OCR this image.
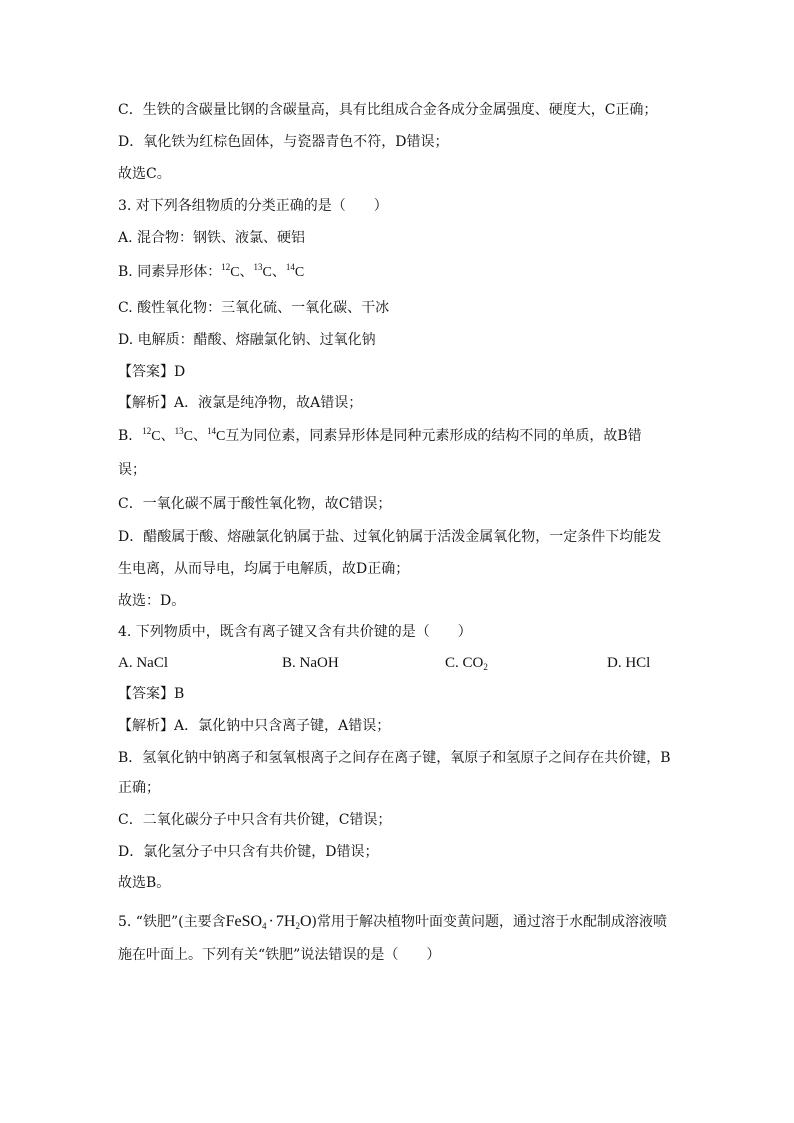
C．生铁的含碳量比钢的含碳量高，具有比组成合金各成分金属强度、硬度大，C正确；
D．氧化铁为红棕色固体，与瓷器青色不符，D错误；
故选C。
3. 对下列各组物质的分类正确的是（　　）
A. 混合物：钢铁、液氯、硬铝
B. 同素异形体：$^{12}$C、$^{13}$C、$^{14}$C
C. 酸性氧化物：三氧化硫、一氧化碳、干冰
D. 电解质：醋酸、熔融氯化钠、过氧化钠
【答案】D
【解析】A．液氯是纯净物，故A错误；
B．$^{12}$C、$^{13}$C、$^{14}$C互为同位素，同素异形体是同种元素形成的结构不同的单质，故B错
误；
C．一氧化碳不属于酸性氧化物，故C错误；
D．醋酸属于酸、熔融氯化钠属于盐、过氧化钠属于活泼金属氧化物，一定条件下均能发
生电离，从而导电，均属于电解质，故D正确；
故选：D。
4. 下列物质中，既含有离子键又含有共价键的是（　　）
A. NaCl	B. NaOH	C. $CO_2$	D. HCl
【答案】B
【解析】A．氯化钠中只含离子键，A错误；
B．氢氧化钠中钠离子和氢氧根离子之间存在离子键，氧原子和氢原子之间存在共价键，B
正确；
C．二氧化碳分子中只含有共价键，C错误；
D．氯化氢分子中只含有共价键，D错误；
故选B。
5. “铁肥”(主要含FeSO$_4$ · $7H_2O$)常用于解决植物叶面变黄问题，通过溶于水配制成溶液喷
施在叶面上。下列有关“铁肥”说法错误的是（　　）
